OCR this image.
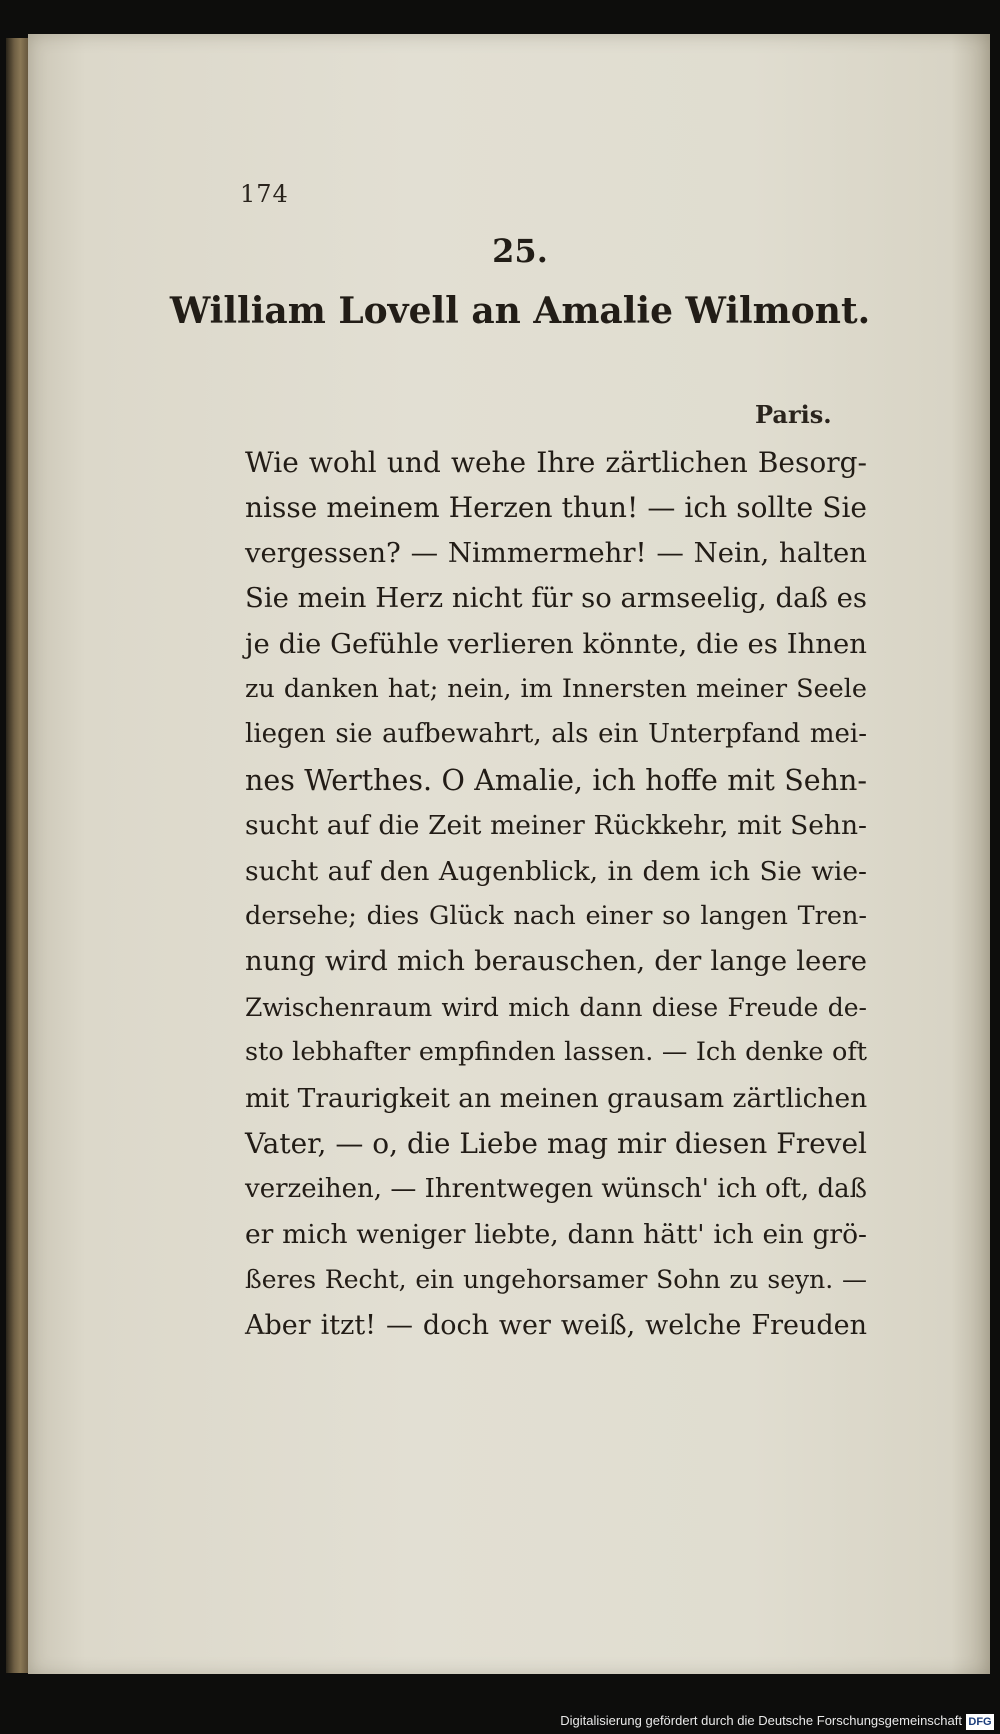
174
25.
William Lovell an Amalie Wilmont.
Paris.
Wie wohl und wehe Ihre zärtlichen Besorg-
nisse meinem Herzen thun! — ich sollte Sie
vergessen? — Nimmermehr! — Nein, halten
Sie mein Herz nicht für so armseelig, daß es
je die Gefühle verlieren könnte, die es Ihnen
zu danken hat; nein, im Innersten meiner Seele
liegen sie aufbewahrt, als ein Unterpfand mei-
nes Werthes. O Amalie, ich hoffe mit Sehn-
sucht auf die Zeit meiner Rückkehr, mit Sehn-
sucht auf den Augenblick, in dem ich Sie wie-
dersehe; dies Glück nach einer so langen Tren-
nung wird mich berauschen, der lange leere
Zwischenraum wird mich dann diese Freude de-
sto lebhafter empfinden lassen. — Ich denke oft
mit Traurigkeit an meinen grausam zärtlichen
Vater, — o, die Liebe mag mir diesen Frevel
verzeihen, — Ihrentwegen wünsch' ich oft, daß
er mich weniger liebte, dann hätt' ich ein grö-
ßeres Recht, ein ungehorsamer Sohn zu seyn. —
Aber itzt! — doch wer weiß, welche Freuden
Digitalisierung gefördert durch die Deutsche Forschungsgemeinschaft DFG
